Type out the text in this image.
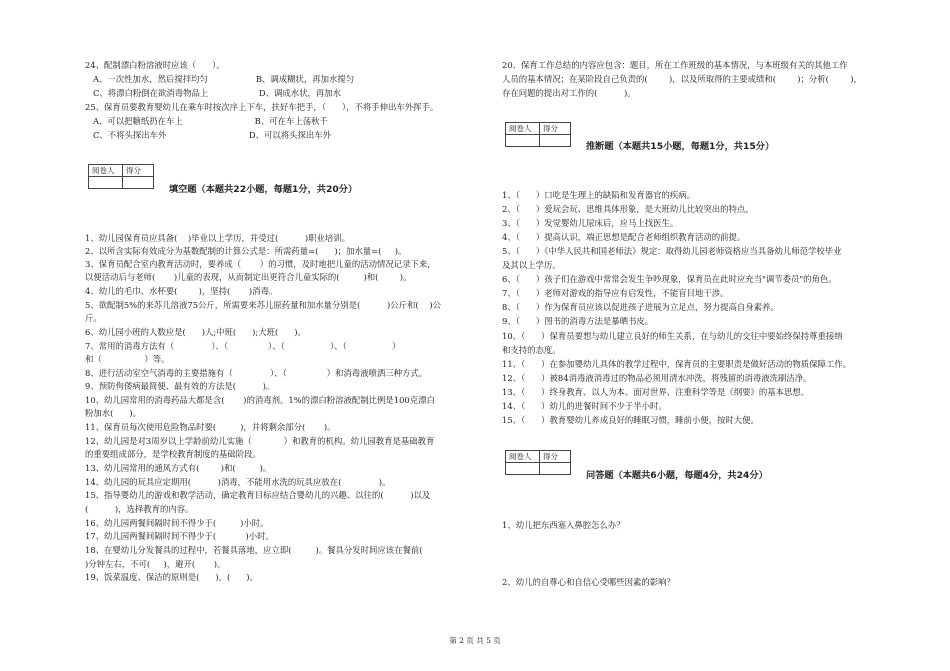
24、配制漂白粉溶液时应该（      ）。
A、一次性加水，然后搅拌均匀                  B、调成糊状，再加水搅匀
C、将漂白粉倒在欲消毒物品上                   D、调成水状，再加水
25、保育员要教育婴幼儿在乘车时按次序上下车，扶好车把手，（      ），不将手伸出车外挥手。
A、可以把糖纸扔在车上                           B、可在车上荡秋千
C、不将头探出车外                               D、可以将头探出车外
阅卷人	得分

填空题（本题共22小题，每题1分，共20分）
1、幼儿园保育员应具备(    )毕业以上学历，并受过(          )职业培训。
2、以所含实际有效成分为基数配制的计算公式是：所需药量=(      )；加水量=(     )。
3、保育员配合室内教育活动时，要养成（       ）的习惯，及时地把儿童的活动情况记录下来，
以便活动后与老师(       )儿童的表现，从而制定出更符合儿童实际的(         )和(        )。
4、幼儿的毛巾、水杯要(        )，坚持(       )消毒。
5、欲配制5%的来苏儿溶液75公斤，所需要来苏儿原药量和加水量分别是(          )公斤和(    )公
斤。
6、幼儿园小班的人数应是(      )人;中班(      );大班(      )。
7、常用的消毒方法有（              ）、（               ）、（                 ）、（                 ）
和（                ）等。
8、进行活动室空气消毒的主要措施有（              ）、（               ）和消毒液喷洒三种方式。
9、预防佝偻病最简便、最有效的方法是(          )。
10、幼儿园常用的消毒药品大都是含(       )的消毒剂。1%的漂白粉溶液配制比例是100克漂白
粉加水(      )。
11、保育员每次使用危险物品时要(         )，并将剩余部分(       )。
12、幼儿园是对3周岁以上学龄前幼儿实施（            ）和教育的机构。幼儿园教育是基础教育
的重要组成部分，是学校教育制度的基础阶段。
13、幼儿园常用的通风方式有(        )和(         )。
14、幼儿园的玩具应定期用(          )消毒，不能用水洗的玩具应放在(              )。
15、指导婴幼儿的游戏和教学活动，确定教育目标应结合婴幼儿的兴趣、以往的(          )以及
(          )，选择教育的内容。
16、幼儿园两餐间隔时间不得少于(         )小时。
17、幼儿园两餐间隔时间不得少于(           )小时。
18、在婴幼儿分发餐具的过程中，若餐具落地，应立即(         )。餐具分发时间应该在餐前(
)分钟左右，不可(     )，避开(       )。
19、饭菜温度、保洁的原则是(      )，(      )。
20、保育工作总结的内容应包含：题目，所在工作班级的基本情况，与本班级有关的其他工作
人员的基本情况；在某阶段自己负责的(        )，以及所取得的主要成绩和(        )；分析(        )，
存在问题的提出对工作的(          )。
阅卷人	得分

推断题（本题共15小题，每题1分，共15分）
1、（      ）口吃是生理上的缺陷和发育器官的疾病。
2、（      ）爱玩会玩、思维具体形象，是大班幼儿比较突出的特点。
3、（      ）发觉婴幼儿尿床后，应马上找医生。
4、（      ）提高认识，端正思想是配合老师组织教育活动的前提。
5、（      ）《中华人民共和国老师法》规定：取得幼儿园老师资格应当具备幼儿师范学校毕业
及其以上学历。
6、（      ）孩子们在游戏中常常会发生争吵现象，保育员在此时应充当"调节委员"的角色。
7、（      ）老师对游戏的指导应有启发性，不能盲目地干涉。
8、（      ）作为保育员应该以促进孩子进展为立足点，努力提高自身素养。
9、（      ）图书的消毒方法是暴晒书皮。
10、（      ）保育员要想与幼儿建立良好的师生关系，在与幼儿的交往中要始终保持尊重接纳
和支持的态度。
11、（      ）在参加婴幼儿具体的教学过程中，保育员的主要职责是做好活动的物质保障工作。
12、（      ）被84消毒液消毒过的物品必须用清水冲洗，将残留的消毒液洗刷洁净。
13、（      ）终身教育、以人为本、面对世界、注重科学等是《纲要》的基本思想。
14、（      ）幼儿的进餐时间不少于半小时。
15、（      ）教育婴幼儿养成良好的睡眠习惯，睡前小便，按时大便。
阅卷人	得分

问答题（本题共6小题，每题4分，共24分）
1、幼儿把东西塞入鼻腔怎么办？
2、幼儿的自尊心和自信心受哪些因素的影响？
第 2 页 共 5 页
